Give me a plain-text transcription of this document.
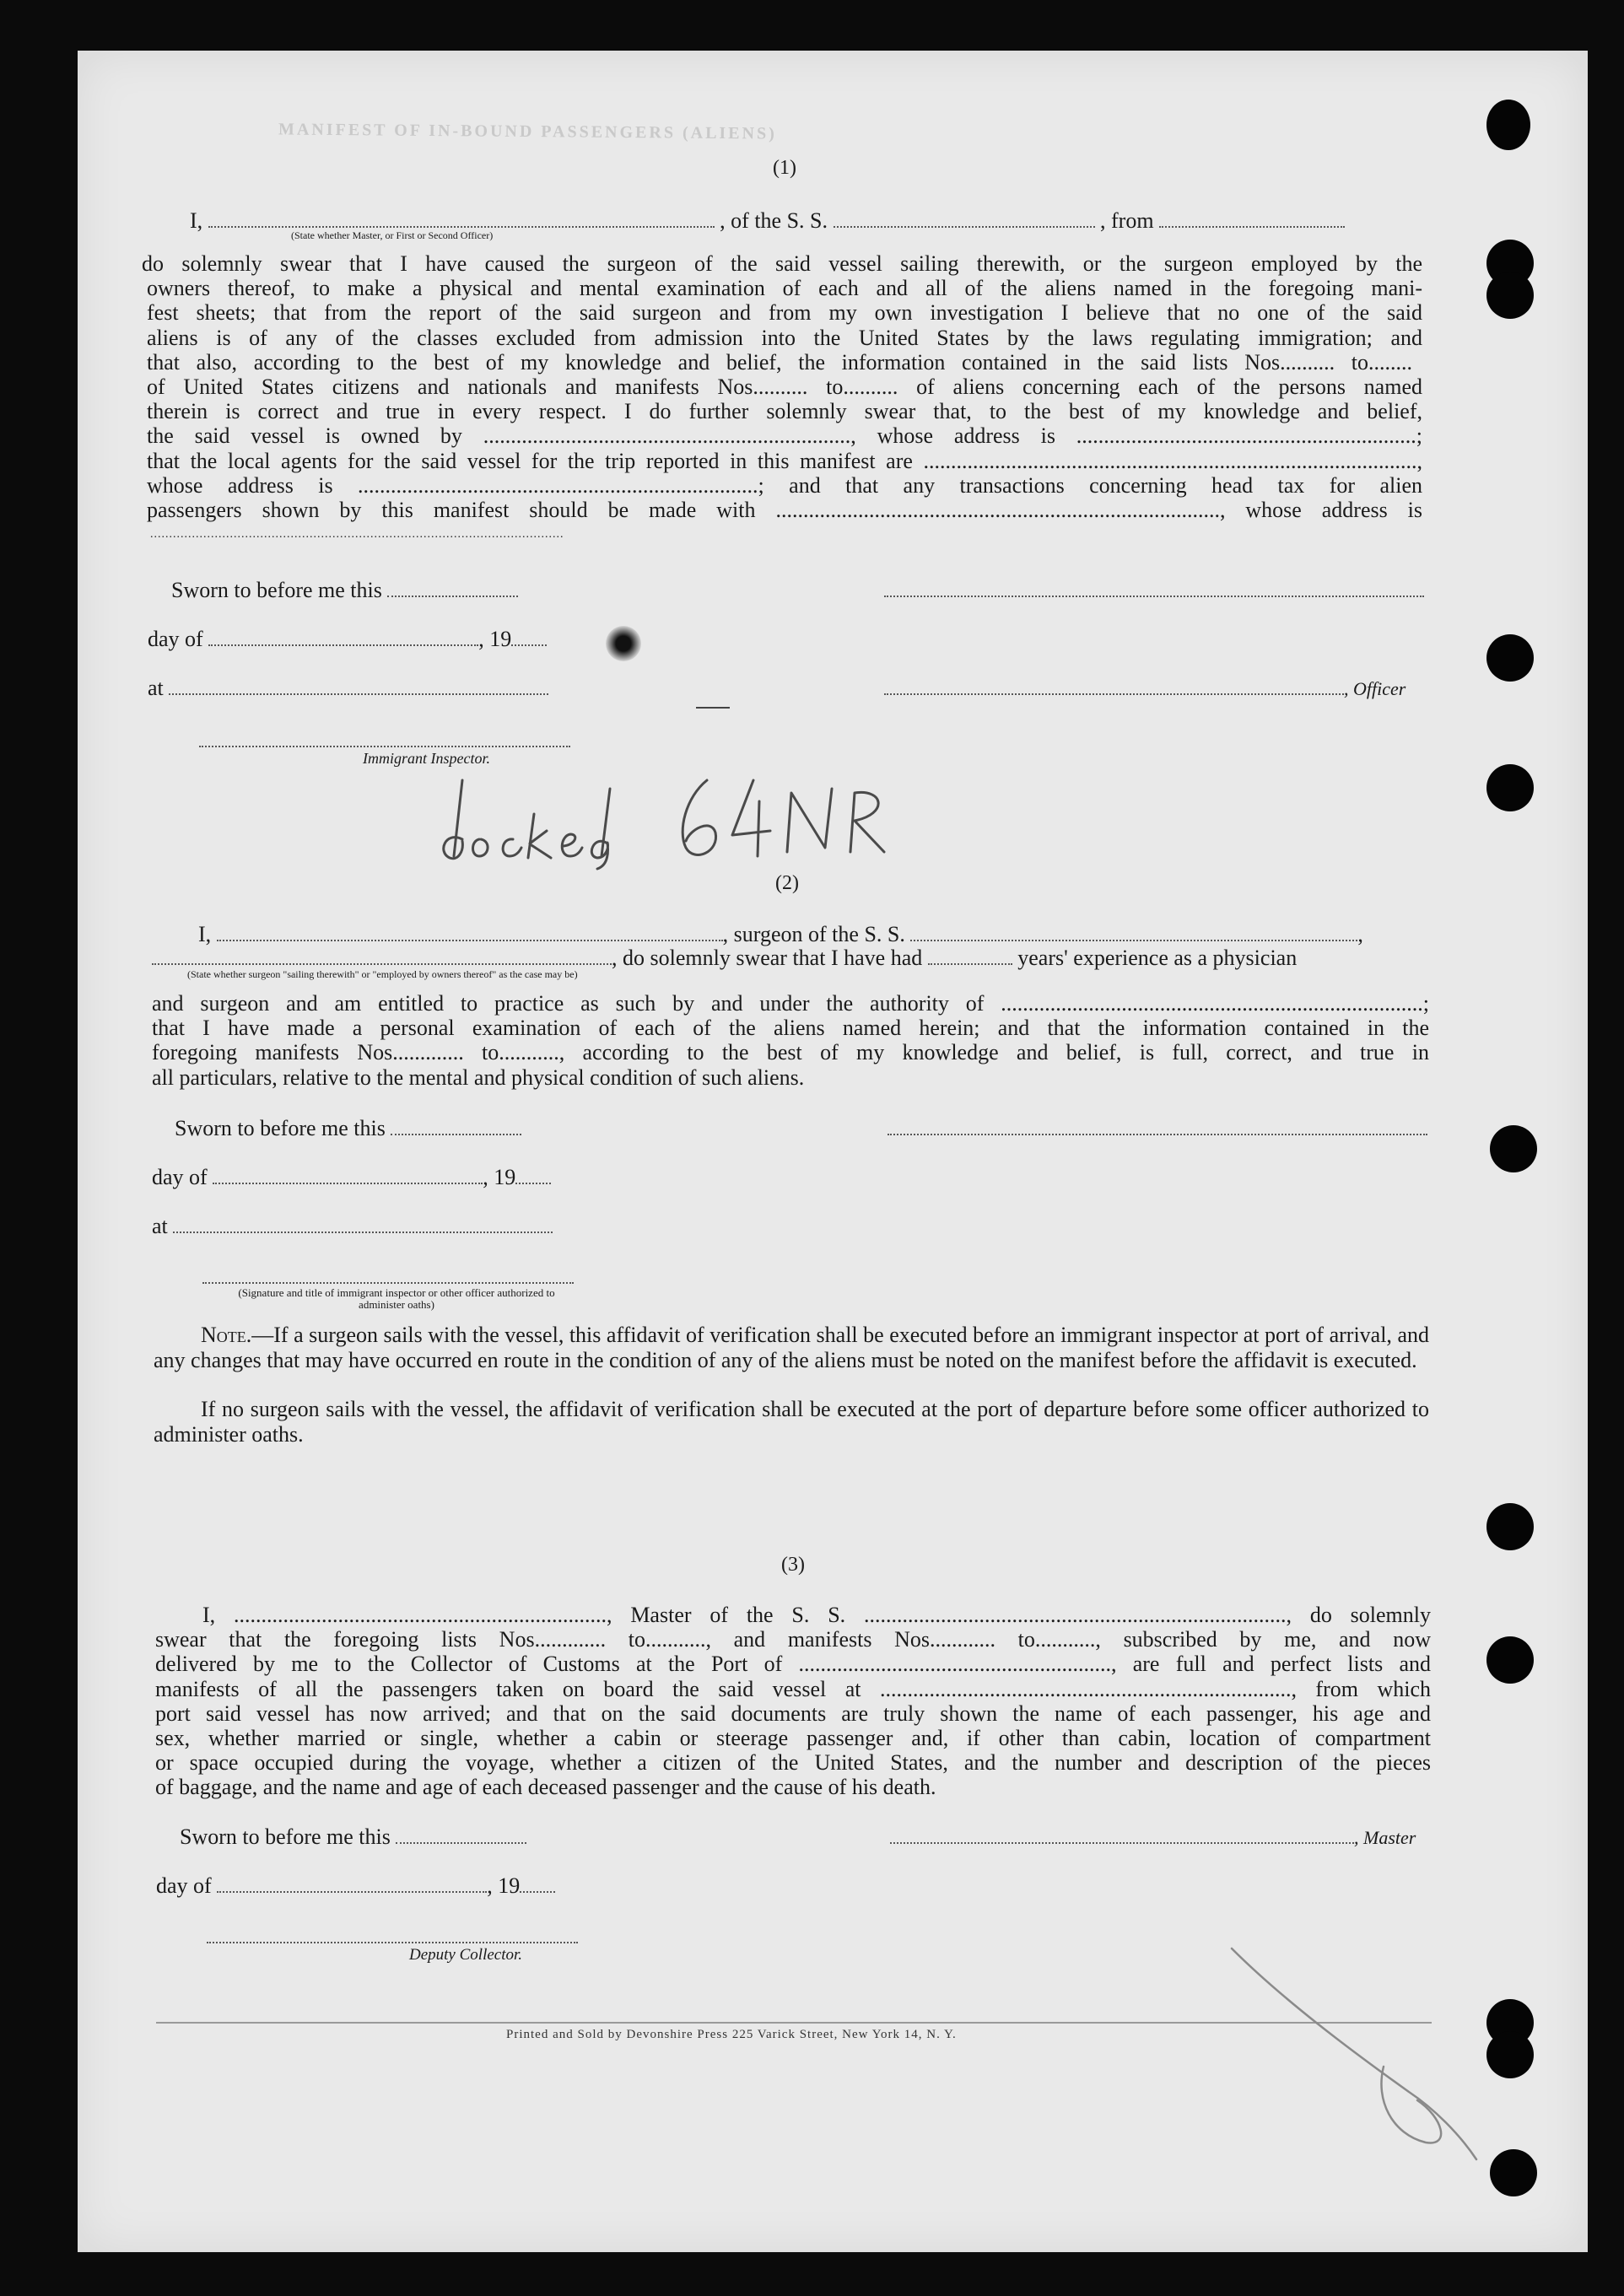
MANIFEST OF IN-BOUND PASSENGERS (ALIENS)
(1)
I,	, of the S. S.	, from
(State whether Master, or First or Second Officer)
do solemnly swear that I have caused the surgeon of the said vessel sailing therewith, or the surgeon employed by the
owners thereof, to make a physical and mental examination of each and all of the aliens named in the foregoing mani-
fest sheets; that from the report of the said surgeon and from my own investigation I believe that no one of the said
aliens is of any of the classes excluded from admission into the United States by the laws regulating immigration; and
that also, according to the best of my knowledge and belief, the information contained in the said lists Nos.......... to........
of United States citizens and nationals and manifests Nos.......... to.......... of aliens concerning each of the persons named
therein is correct and true in every respect. I do further solemnly swear that, to the best of my knowledge and belief,
the said vessel is owned by ..................................................................., whose address is ..............................................................;
that the local agents for the said vessel for the trip reported in this manifest are ..........................................................................................,
whose address is .........................................................................; and that any transactions concerning head tax for alien
passengers shown by this manifest should be made with ................................................................................., whose address is
.............................................................................................................
Sworn to before me this
day of	, 19
at	, Officer
Immigrant Inspector.
(2)
I,	, surgeon of the S. S.	,
, do solemnly swear that I have had	years' experience as a physician
(State whether surgeon "sailing therewith" or "employed by owners thereof" as the case may be)
and surgeon and am entitled to practice as such by and under the authority of .............................................................................;
that I have made a personal examination of each of the aliens named herein; and that the information contained in the
foregoing manifests Nos............. to..........., according to the best of my knowledge and belief, is full, correct, and true in
all particulars, relative to the mental and physical condition of such aliens.
Sworn to before me this
day of	, 19
at
(Signature and title of immigrant inspector or other officer authorized to administer oaths)
Note.—If a surgeon sails with the vessel, this affidavit of verification shall be executed before an immigrant inspector at port of arrival, and any changes that may have occurred en route in the condition of any of the aliens must be noted on the manifest before the affidavit is executed.
If no surgeon sails with the vessel, the affidavit of verification shall be executed at the port of departure before some officer authorized to administer oaths.
(3)
I, ...................................................................., Master of the S. S. ............................................................................., do solemnly
swear that the foregoing lists Nos............. to..........., and manifests Nos............ to..........., subscribed by me, and now
delivered by me to the Collector of Customs at the Port of ........................................................., are full and perfect lists and
manifests of all the passengers taken on board the said vessel at ..........................................................................., from which
port said vessel has now arrived; and that on the said documents are truly shown the name of each passenger, his age and
sex, whether married or single, whether a cabin or steerage passenger and, if other than cabin, location of compartment
or space occupied during the voyage, whether a citizen of the United States, and the number and description of the pieces
of baggage, and the name and age of each deceased passenger and the cause of his death.
Sworn to before me this	, Master
day of	, 19
Deputy Collector.
Printed and Sold by Devonshire Press 225 Varick Street, New York 14, N. Y.
